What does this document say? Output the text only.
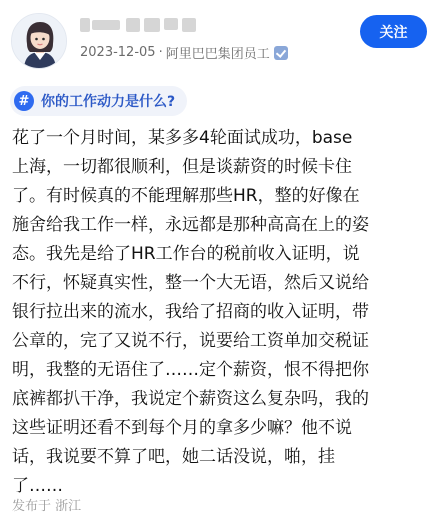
2023-12-05 · 阿里巴巴集团员工
关注
# 你的工作动力是什么?
花了一个月时间，某多多4轮面试成功，base
上海，一切都很顺利，但是谈薪资的时候卡住
了。有时候真的不能理解那些HR，整的好像在
施舍给我工作一样，永远都是那种高高在上的姿
态。我先是给了HR工作台的税前收入证明，说
不行，怀疑真实性，整一个大无语，然后又说给
银行拉出来的流水，我给了招商的收入证明，带
公章的，完了又说不行，说要给工资单加交税证
明，我整的无语住了……定个薪资，恨不得把你
底裤都扒干净，我说定个薪资这么复杂吗，我的
这些证明还看不到每个月的拿多少嘛？他不说
话，我说要不算了吧，她二话没说，啪，挂
了……
发布于 浙江
